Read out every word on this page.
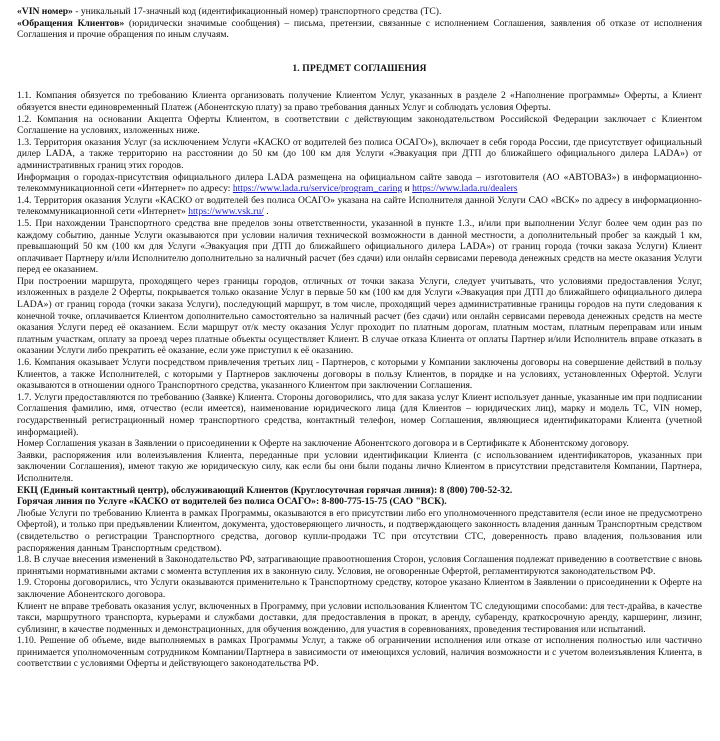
«VIN номер» - уникальный 17-значный код (идентификационный номер) транспортного средства (ТС).

«Обращения Клиентов» (юридически значимые сообщения) – письма, претензии, связанные с исполнением Соглашения, заявления об отказе от исполнения Соглашения и прочие обращения по иным случаям.

1. ПРЕДМЕТ СОГЛАШЕНИЯ

1.1. Компания обязуется по требованию Клиента организовать получение Клиентом Услуг, указанных в разделе 2 «Наполнение программы» Оферты, а Клиент обязуется внести единовременный Платеж (Абонентскую плату) за право требования данных Услуг и соблюдать условия Оферты.

1.2. Компания на основании Акцепта Оферты Клиентом, в соответствии с действующим законодательством Российской Федерации заключает с Клиентом Соглашение на условиях, изложенных ниже.

1.3. Территория оказания Услуг (за исключением Услуги «КАСКО от водителей без полиса ОСАГО»), включает в себя города России, где присутствует официальный дилер LADA, а также территорию на расстоянии до 50 км (до 100 км для Услуги «Эвакуация при ДТП до ближайшего официального дилера LADA») от административных границ этих городов.

Информация о городах-присутствия официального дилера LADA размещена на официальном сайте завода – изготовителя (АО «АВТОВАЗ») в информационно-телекоммуникационной сети «Интернет» по адресу: https://www.lada.ru/service/program_caring и https://www.lada.ru/dealers

1.4. Территория оказания Услуги «КАСКО от водителей без полиса ОСАГО» указана на сайте Исполнителя данной Услуги САО «ВСК» по адресу в информационно-телекоммуникационной сети «Интернет» https://www.vsk.ru/ .

1.5. При нахождении Транспортного средства вне пределов зоны ответственности, указанной в пункте 1.3., и/или при выполнении Услуг более чем один раз по каждому событию, данные Услуги оказываются при условии наличия технической возможности в данной местности, а дополнительный пробег за каждый 1 км, превышающий 50 км (100 км для Услуги «Эвакуация при ДТП до ближайшего официального дилера LADA») от границ города (точки заказа Услуги) Клиент оплачивает Партнеру и/или Исполнителю дополнительно за наличный расчет (без сдачи) или онлайн сервисами перевода денежных средств на месте оказания Услуги перед ее оказанием.

При построении маршрута, проходящего через границы городов, отличных от точки заказа Услуги, следует учитывать, что условиями предоставления Услуг, изложенных в разделе 2 Оферты, покрывается только оказание Услуг в первые 50 км (100 км для Услуги «Эвакуация при ДТП до ближайшего официального дилера LADA») от границ города (точки заказа Услуги), последующий маршрут, в том числе, проходящий через административные границы городов на пути следования к конечной точке, оплачивается Клиентом дополнительно самостоятельно за наличный расчет (без сдачи) или онлайн сервисами перевода денежных средств на месте оказания Услуги перед её оказанием. Если маршрут от/к месту оказания Услуг проходит по платным дорогам, платным мостам, платным переправам или иным платным участкам, оплату за проезд через платные объекты осуществляет Клиент. В случае отказа Клиента от оплаты Партнер и/или Исполнитель вправе отказать в оказании Услуги либо прекратить её оказание, если уже приступил к её оказанию.

1.6. Компания оказывает Услуги посредством привлечения третьих лиц - Партнеров, с которыми у Компании заключены договоры на совершение действий в пользу Клиентов, а также Исполнителей, с которыми у Партнеров заключены договоры в пользу Клиентов, в порядке и на условиях, установленных Офертой. Услуги оказываются в отношении одного Транспортного средства, указанного Клиентом при заключении Соглашения.

1.7. Услуги предоставляются по требованию (Заявке) Клиента. Стороны договорились, что для заказа услуг Клиент использует данные, указанные им при подписании Соглашения фамилию, имя, отчество (если имеется), наименование юридического лица (для Клиентов – юридических лиц), марку и модель ТС, VIN номер, государственный регистрационный номер транспортного средства, контактный телефон, номер Соглашения, являющиеся идентификаторами Клиента (учетной информацией).

Номер Соглашения указан в Заявлении о присоединении к Оферте на заключение Абонентского договора и в Сертификате к Абонентскому договору.

Заявки, распоряжения или волеизъявления Клиента, переданные при условии идентификации Клиента (с использованием идентификаторов, указанных при заключении Соглашения), имеют такую же юридическую силу, как если бы они были поданы лично Клиентом в присутствии представителя Компании, Партнера, Исполнителя.

ЕКЦ (Единый контактный центр), обслуживающий Клиентов (Круглосуточная горячая линия): 8 (800) 700-52-32.

Горячая линия по Услуге «КАСКО от водителей без полиса ОСАГО»: 8-800-775-15-75 (САО "ВСК).

Любые Услуги по требованию Клиента в рамках Программы, оказываются в его присутствии либо его уполномоченного представителя (если иное не предусмотрено Офертой), и только при предъявлении Клиентом, документа, удостоверяющего личность, и подтверждающего законность владения данным Транспортным средством (свидетельство о регистрации Транспортного средства, договор купли-продажи ТС при отсутствии СТС, доверенность право владения, пользования или распоряжения данным Транспортным средством).

1.8. В случае внесения изменений в Законодательство РФ, затрагивающие правоотношения Сторон, условия Соглашения подлежат приведению в соответствие с вновь принятыми нормативными актами с момента вступления их в законную силу. Условия, не оговоренные Офертой, регламентируются законодательством РФ.

1.9. Стороны договорились, что Услуги оказываются применительно к Транспортному средству, которое указано Клиентом в Заявлении о присоединении к Оферте на заключение Абонентского договора.

Клиент не вправе требовать оказания услуг, включенных в Программу, при условии использования Клиентом ТС следующими способами: для тест-драйва, в качестве такси, маршрутного транспорта, курьерами и службами доставки, для предоставления в прокат, в аренду, субаренду, краткосрочную аренду, каршеринг, лизинг, сублизинг, в качестве подменных и демонстрационных, для обучения вождению, для участия в соревнованиях, проведения тестирования или испытаний.

1.10. Решение об объеме, виде выполняемых в рамках Программы Услуг, а также об ограничении исполнения или отказе от исполнения полностью или частично принимается уполномоченным сотрудником Компании/Партнера в зависимости от имеющихся условий, наличия возможности и с учетом волеизъявления Клиента, в соответствии с условиями Оферты и действующего законодательства РФ.
